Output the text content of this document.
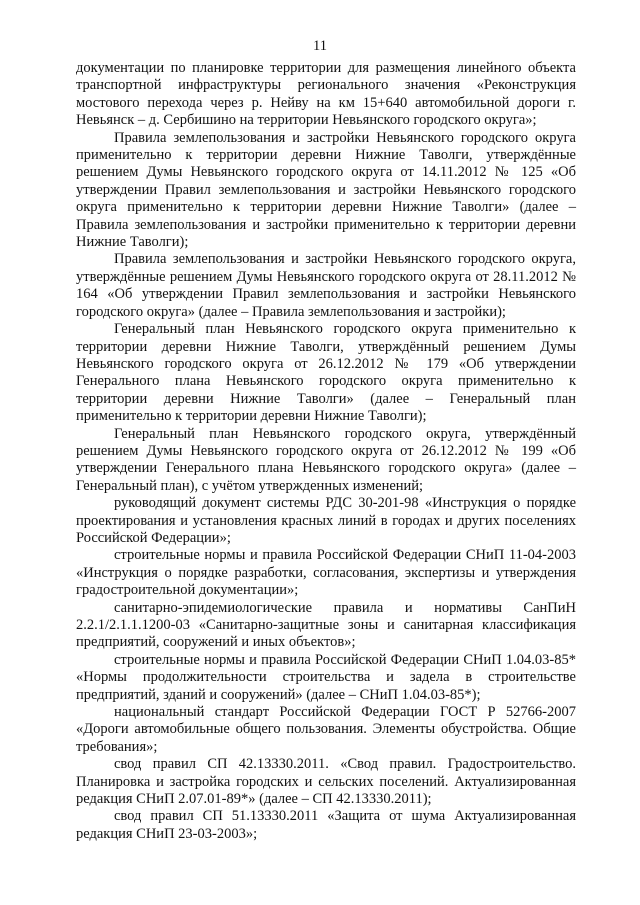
11

документации по планировке территории для размещения линейного объекта транспортной инфраструктуры регионального значения «Реконструкция мостового перехода через р. Нейву на км 15+640 автомобильной дороги г. Невьянск – д. Сербишино на территории Невьянского городского округа»;

Правила землепользования и застройки Невьянского городского округа применительно к территории деревни Нижние Таволги, утверждённые решением Думы Невьянского городского округа от 14.11.2012 № 125 «Об утверждении Правил землепользования и застройки Невьянского городского округа применительно к территории деревни Нижние Таволги» (далее – Правила землепользования и застройки применительно к территории деревни Нижние Таволги);

Правила землепользования и застройки Невьянского городского округа, утверждённые решением Думы Невьянского городского округа от 28.11.2012 № 164 «Об утверждении Правил землепользования и застройки Невьянского городского округа» (далее – Правила землепользования и застройки);

Генеральный план Невьянского городского округа применительно к территории деревни Нижние Таволги, утверждённый решением Думы Невьянского городского округа от 26.12.2012 № 179 «Об утверждении Генерального плана Невьянского городского округа применительно к территории деревни Нижние Таволги» (далее – Генеральный план применительно к территории деревни Нижние Таволги);

Генеральный план Невьянского городского округа, утверждённый решением Думы Невьянского городского округа от 26.12.2012 № 199 «Об утверждении Генерального плана Невьянского городского округа» (далее – Генеральный план), с учётом утвержденных изменений;

руководящий документ системы РДС 30-201-98 «Инструкция о порядке проектирования и установления красных линий в городах и других поселениях Российской Федерации»;

строительные нормы и правила Российской Федерации СНиП 11-04-2003 «Инструкция о порядке разработки, согласования, экспертизы и утверждения градостроительной документации»;

санитарно-эпидемиологические правила и нормативы СанПиН 2.2.1/2.1.1.1200-03 «Санитарно-защитные зоны и санитарная классификация предприятий, сооружений и иных объектов»;

строительные нормы и правила Российской Федерации СНиП 1.04.03-85* «Нормы продолжительности строительства и задела в строительстве предприятий, зданий и сооружений» (далее – СНиП 1.04.03-85*);

национальный стандарт Российской Федерации ГОСТ Р 52766-2007 «Дороги автомобильные общего пользования. Элементы обустройства. Общие требования»;

свод правил СП 42.13330.2011. «Свод правил. Градостроительство. Планировка и застройка городских и сельских поселений. Актуализированная редакция СНиП 2.07.01-89*» (далее – СП 42.13330.2011);

свод правил СП 51.13330.2011 «Защита от шума Актуализированная редакция СНиП 23-03-2003»;
